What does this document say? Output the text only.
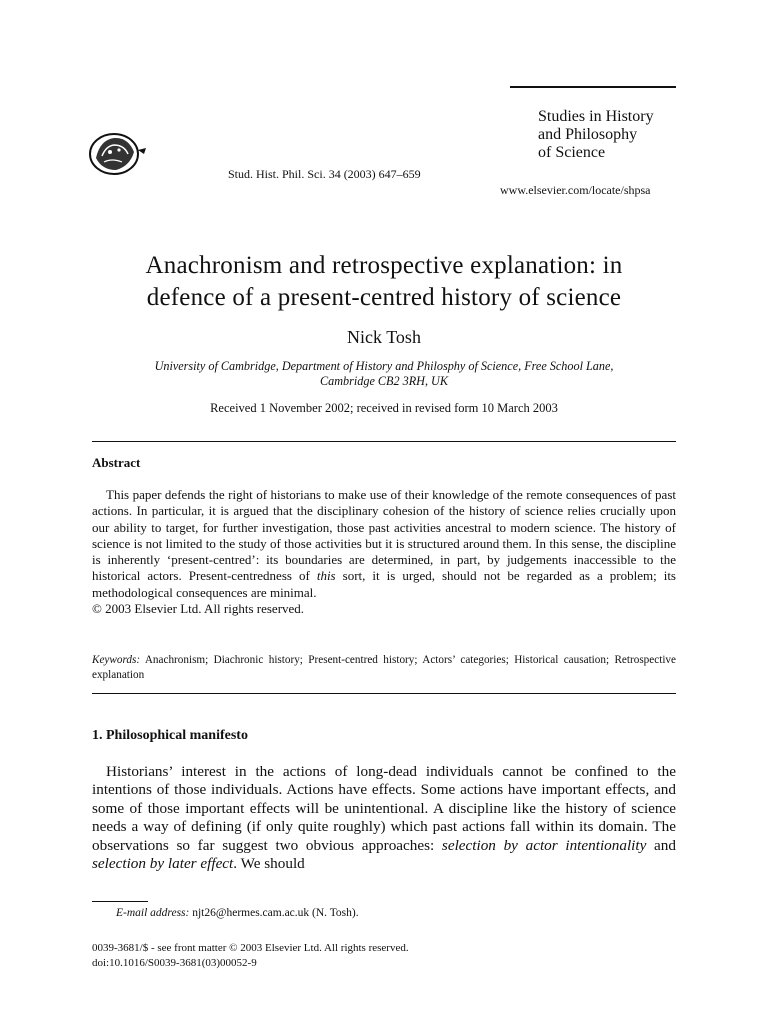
Studies in History
and Philosophy
of Science
Stud. Hist. Phil. Sci. 34 (2003) 647–659
www.elsevier.com/locate/shpsa
Anachronism and retrospective explanation: in
defence of a present-centred history of science
Nick Tosh
University of Cambridge, Department of History and Philosphy of Science, Free School Lane,
Cambridge CB2 3RH, UK
Received 1 November 2002; received in revised form 10 March 2003
Abstract

This paper defends the right of historians to make use of their knowledge of the remote consequences of past actions. In particular, it is argued that the disciplinary cohesion of the history of science relies crucially upon our ability to target, for further investigation, those past activities ancestral to modern science. The history of science is not limited to the study of those activities but it is structured around them. In this sense, the discipline is inherently ‘present-centred’: its boundaries are determined, in part, by judgements inaccessible to the historical actors. Present-centredness of this sort, it is urged, should not be regarded as a problem; its methodological consequences are minimal.

© 2003 Elsevier Ltd. All rights reserved.

Keywords: Anachronism; Diachronic history; Present-centred history; Actors’ categories; Historical causation; Retrospective explanation
1. Philosophical manifesto

Historians’ interest in the actions of long-dead individuals cannot be confined to the intentions of those individuals. Actions have effects. Some actions have important effects, and some of those important effects will be unintentional. A discipline like the history of science needs a way of defining (if only quite roughly) which past actions fall within its domain. The observations so far suggest two obvious approaches: selection by actor intentionality and selection by later effect. We should

E-mail address: njt26@hermes.cam.ac.uk (N. Tosh).
0039-3681/$ - see front matter © 2003 Elsevier Ltd. All rights reserved.
doi:10.1016/S0039-3681(03)00052-9
